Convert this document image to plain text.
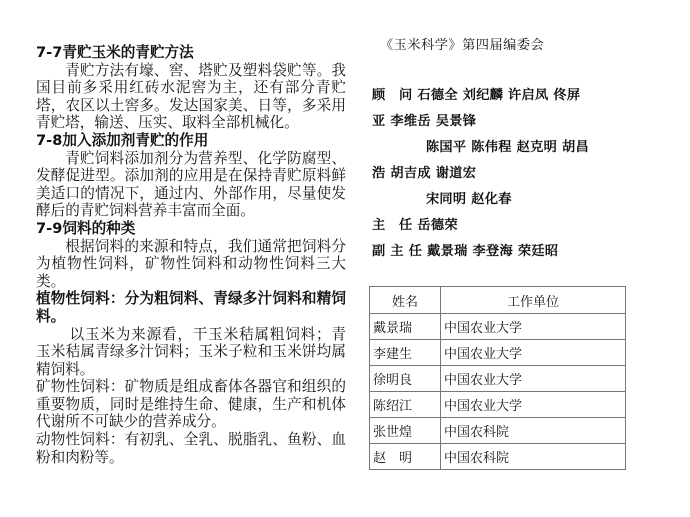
7-7青贮玉米的青贮方法

青贮方法有壕、窖、塔贮及塑料袋贮等。我国目前多采用红砖水泥窖为主，还有部分青贮塔，农区以土窖多。发达国家美、日等，多采用青贮塔，输送、压实、取料全部机械化。

7-8加入添加剂青贮的作用

青贮饲料添加剂分为营养型、化学防腐型、发酵促进型。添加剂的应用是在保持青贮原料鲜美适口的情况下，通过内、外部作用，尽量使发酵后的青贮饲料营养丰富而全面。

7-9饲料的种类

根据饲料的来源和特点，我们通常把饲料分为植物性饲料，矿物性饲料和动物性饲料三大类。

植物性饲料：分为粗饲料、青绿多汁饲料和精饲料。

以玉米为来源看，干玉米秸属粗饲料；青玉米秸属青绿多汁饲料；玉米子粒和玉米饼均属精饲料。

矿物性饲料：矿物质是组成畜体各器官和组织的重要物质，同时是维持生命、健康，生产和机体代谢所不可缺少的营养成分。

动物性饲料：有初乳、全乳、脱脂乳、鱼粉、血粉和肉粉等。

《玉米科学》第四届编委会
顾　问 石德全 刘纪麟 许启凤 佟屏
亚 李维岳 吴景锋
　　　　陈国平 陈伟程 赵克明 胡昌
浩 胡吉成 谢道宏
　　　　宋同明 赵化春
主　任 岳德荣
副 主 任 戴景瑞 李登海 荣廷昭
姓名	工作单位
戴景瑞	中国农业大学
李建生	中国农业大学
徐明良	中国农业大学
陈绍江	中国农业大学
张世煌	中国农科院
赵　明	中国农科院
